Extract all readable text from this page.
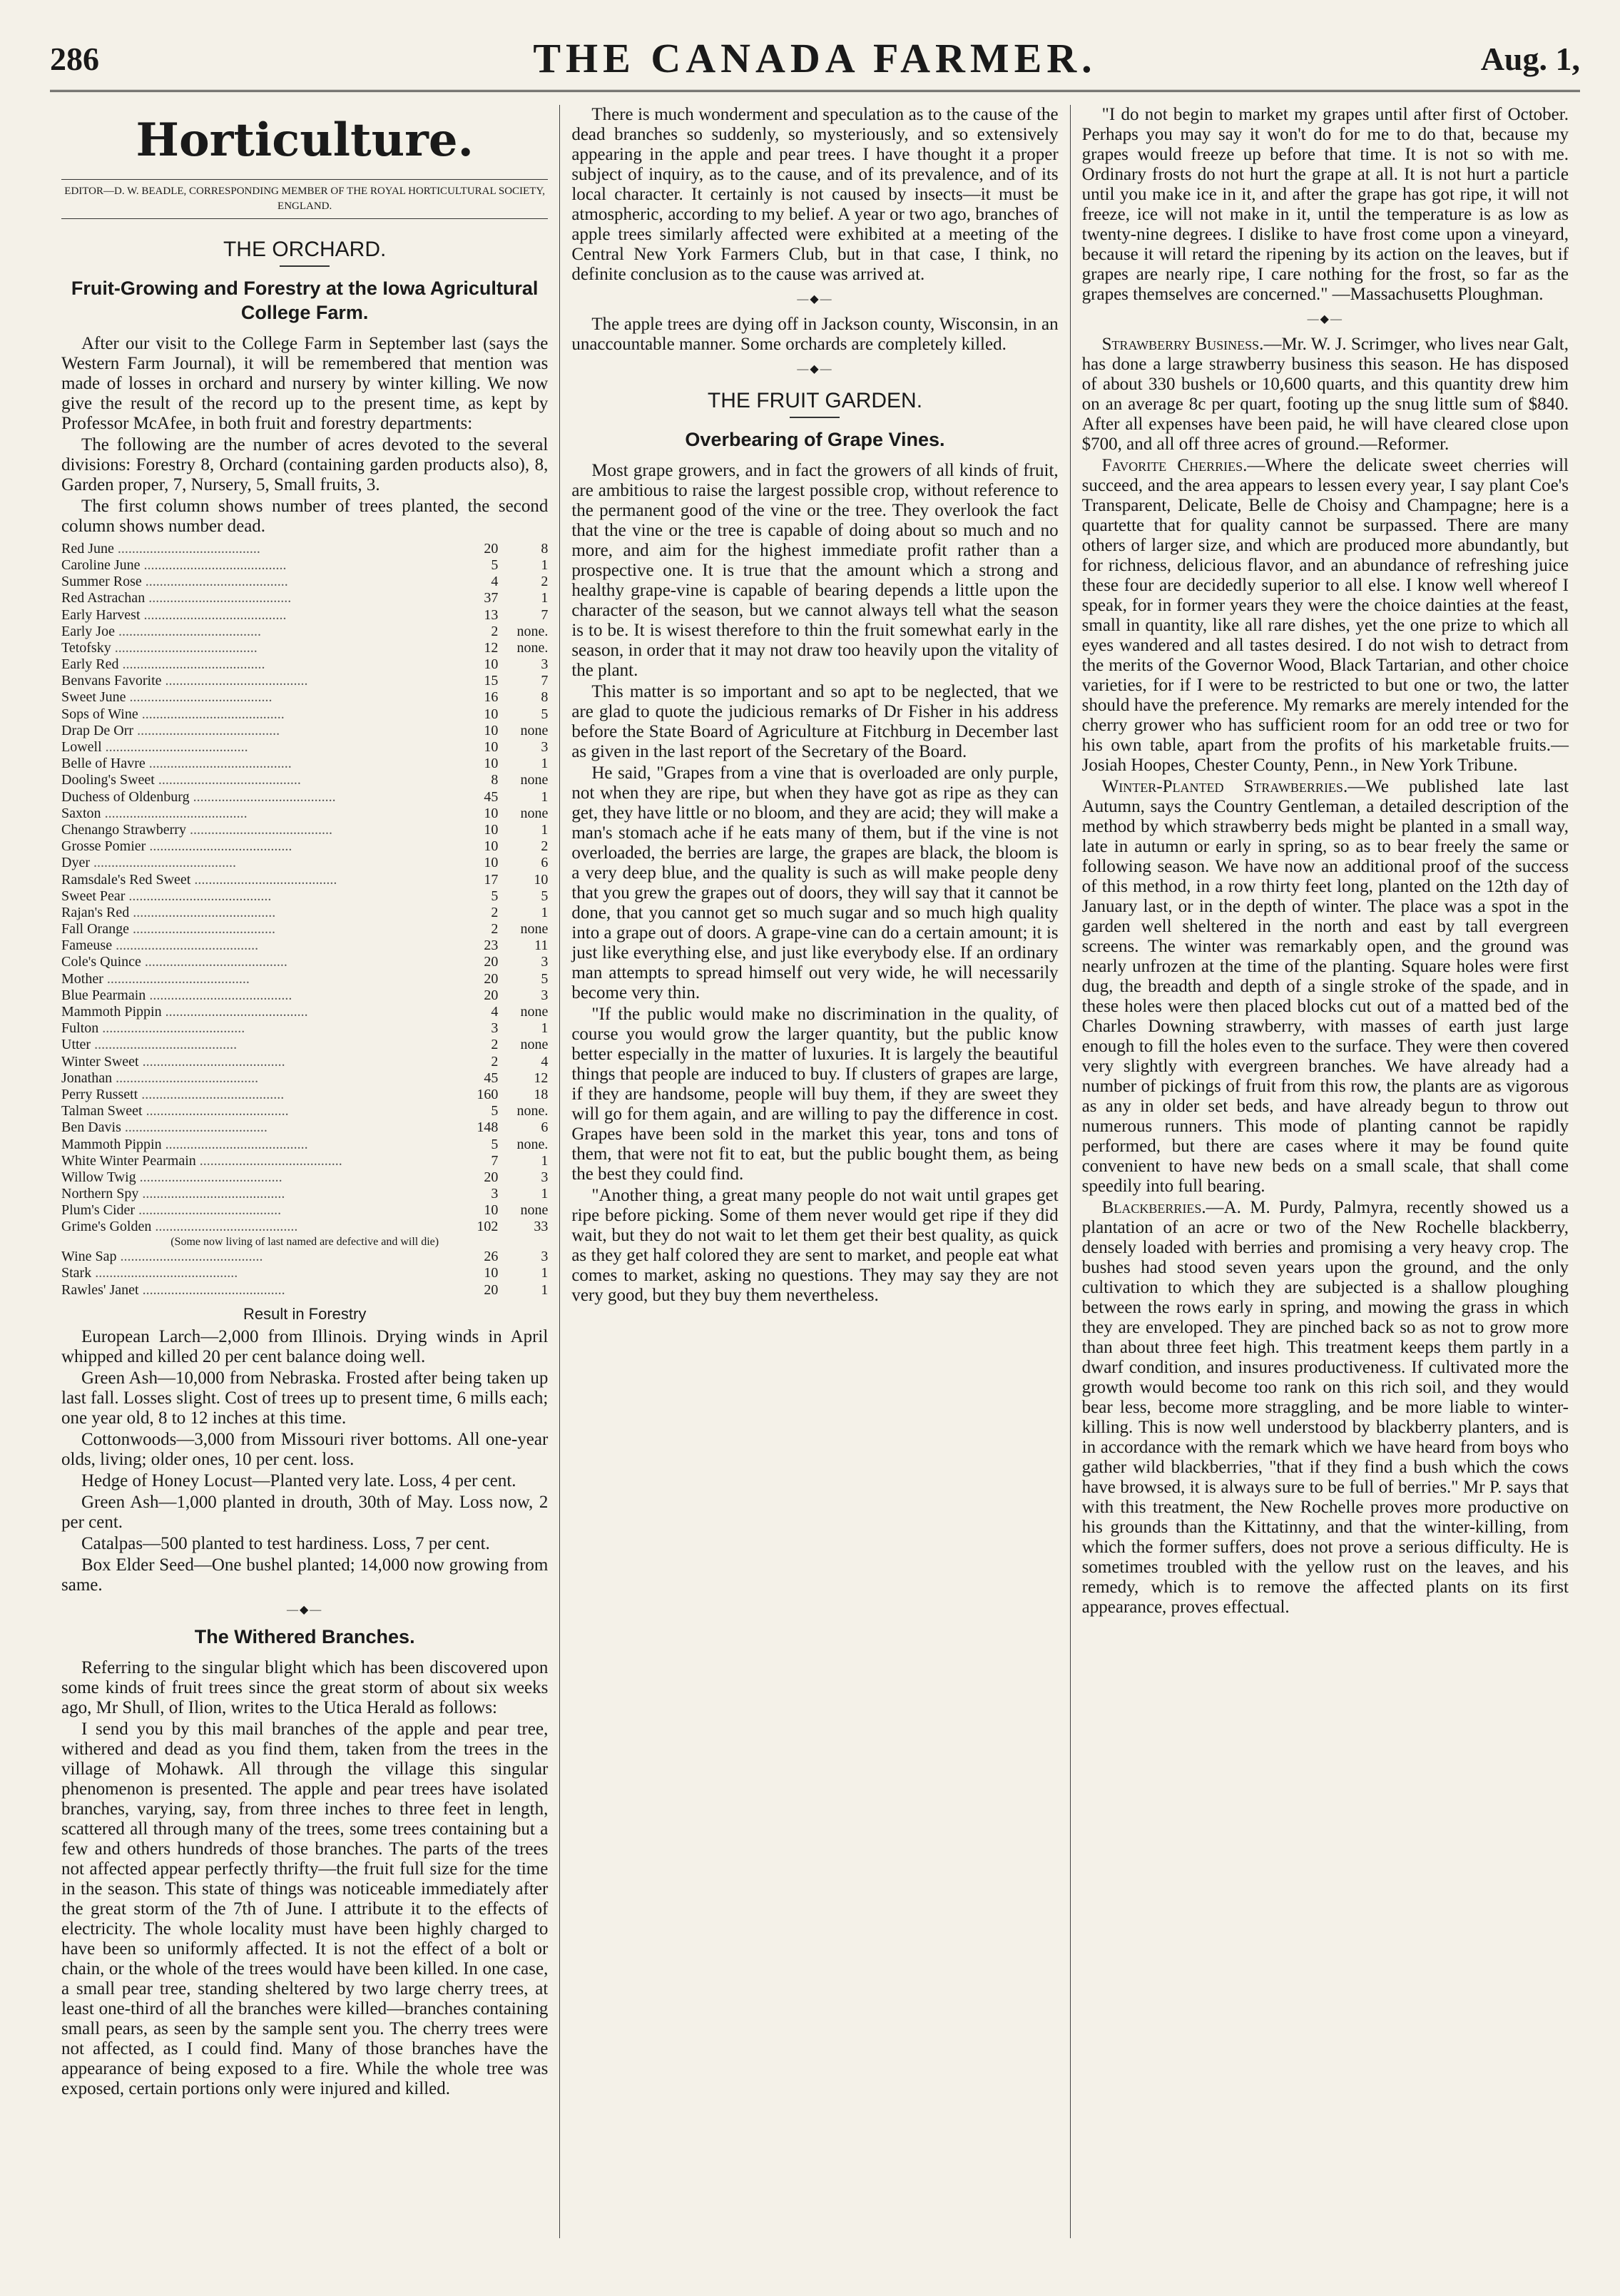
286	THE CANADA FARMER.	Aug. 1,
Horticulture.
EDITOR—D. W. BEADLE, CORRESPONDING MEMBER OF THE ROYAL HORTICULTURAL SOCIETY, ENGLAND.
THE ORCHARD.
Fruit-Growing and Forestry at the Iowa Agricultural College Farm.

After our visit to the College Farm in September last (says the Western Farm Journal), it will be remembered that mention was made of losses in orchard and nursery by winter killing. We now give the result of the record up to the present time, as kept by Professor McAfee, in both fruit and forestry departments:

The following are the number of acres devoted to the several divisions: Forestry 8, Orchard (containing garden products also), 8, Garden proper, 7, Nursery, 5, Small fruits, 3.

The first column shows number of trees planted, the second column shows number dead.

Red June ........................................	20	8
Caroline June ........................................	5	1
Summer Rose ........................................	4	2
Red Astrachan ........................................	37	1
Early Harvest ........................................	13	7
Early Joe ........................................	2	none.
Tetofsky ........................................	12	none.
Early Red ........................................	10	3
Benvans Favorite ........................................	15	7
Sweet June ........................................	16	8
Sops of Wine ........................................	10	5
Drap De Orr ........................................	10	none
Lowell ........................................	10	3
Belle of Havre ........................................	10	1
Dooling's Sweet ........................................	8	none
Duchess of Oldenburg ........................................	45	1
Saxton ........................................	10	none
Chenango Strawberry ........................................	10	1
Grosse Pomier ........................................	10	2
Dyer ........................................	10	6
Ramsdale's Red Sweet ........................................	17	10
Sweet Pear ........................................	5	5
Rajan's Red ........................................	2	1
Fall Orange ........................................	2	none
Fameuse ........................................	23	11
Cole's Quince ........................................	20	3
Mother ........................................	20	5
Blue Pearmain ........................................	20	3
Mammoth Pippin ........................................	4	none
Fulton ........................................	3	1
Utter ........................................	2	none
Winter Sweet ........................................	2	4
Jonathan ........................................	45	12
Perry Russett ........................................	160	18
Talman Sweet ........................................	5	none.
Ben Davis ........................................	148	6
Mammoth Pippin ........................................	5	none.
White Winter Pearmain ........................................	7	1
Willow Twig ........................................	20	3
Northern Spy ........................................	3	1
Plum's Cider ........................................	10	none
Grime's Golden ........................................	102	33
(Some now living of last named are defective and will die)		
Wine Sap ........................................	26	3
Stark ........................................	10	1
Rawles' Janet ........................................	20	1
Result in Forestry

European Larch—2,000 from Illinois. Drying winds in April whipped and killed 20 per cent balance doing well.

Green Ash—10,000 from Nebraska. Frosted after being taken up last fall. Losses slight. Cost of trees up to present time, 6 mills each; one year old, 8 to 12 inches at this time.

Cottonwoods—3,000 from Missouri river bottoms. All one-year olds, living; older ones, 10 per cent. loss.

Hedge of Honey Locust—Planted very late. Loss, 4 per cent.

Green Ash—1,000 planted in drouth, 30th of May. Loss now, 2 per cent.

Catalpas—500 planted to test hardiness. Loss, 7 per cent.

Box Elder Seed—One bushel planted; 14,000 now growing from same.

—◆—
The Withered Branches.

Referring to the singular blight which has been discovered upon some kinds of fruit trees since the great storm of about six weeks ago, Mr Shull, of Ilion, writes to the Utica Herald as follows:

I send you by this mail branches of the apple and pear tree, withered and dead as you find them, taken from the trees in the village of Mohawk. All through the village this singular phenomenon is presented. The apple and pear trees have isolated branches, varying, say, from three inches to three feet in length, scattered all through many of the trees, some trees containing but a few and others hundreds of those branches. The parts of the trees not affected appear perfectly thrifty—the fruit full size for the time in the season. This state of things was noticeable immediately after the great storm of the 7th of June. I attribute it to the effects of electricity. The whole locality must have been highly charged to have been so uniformly affected. It is not the effect of a bolt or chain, or the whole of the trees would have been killed. In one case, a small pear tree, standing sheltered by two large cherry trees, at least one-third of all the branches were killed—branches containing small pears, as seen by the sample sent you. The cherry trees were not affected, as I could find. Many of those branches have the appearance of being exposed to a fire. While the whole tree was exposed, certain portions only were injured and killed.

There is much wonderment and speculation as to the cause of the dead branches so suddenly, so mysteriously, and so extensively appearing in the apple and pear trees. I have thought it a proper subject of inquiry, as to the cause, and of its prevalence, and of its local character. It certainly is not caused by insects—it must be atmospheric, according to my belief. A year or two ago, branches of apple trees similarly affected were exhibited at a meeting of the Central New York Farmers Club, but in that case, I think, no definite conclusion as to the cause was arrived at.

—◆—

The apple trees are dying off in Jackson county, Wisconsin, in an unaccountable manner. Some orchards are completely killed.

—◆—
THE FRUIT GARDEN.
Overbearing of Grape Vines.

Most grape growers, and in fact the growers of all kinds of fruit, are ambitious to raise the largest possible crop, without reference to the permanent good of the vine or the tree. They overlook the fact that the vine or the tree is capable of doing about so much and no more, and aim for the highest immediate profit rather than a prospective one. It is true that the amount which a strong and healthy grape-vine is capable of bearing depends a little upon the character of the season, but we cannot always tell what the season is to be. It is wisest therefore to thin the fruit somewhat early in the season, in order that it may not draw too heavily upon the vitality of the plant.

This matter is so important and so apt to be neglected, that we are glad to quote the judicious remarks of Dr Fisher in his address before the State Board of Agriculture at Fitchburg in December last as given in the last report of the Secretary of the Board.

He said, "Grapes from a vine that is overloaded are only purple, not when they are ripe, but when they have got as ripe as they can get, they have little or no bloom, and they are acid; they will make a man's stomach ache if he eats many of them, but if the vine is not overloaded, the berries are large, the grapes are black, the bloom is a very deep blue, and the quality is such as will make people deny that you grew the grapes out of doors, they will say that it cannot be done, that you cannot get so much sugar and so much high quality into a grape out of doors. A grape-vine can do a certain amount; it is just like everything else, and just like everybody else. If an ordinary man attempts to spread himself out very wide, he will necessarily become very thin.

"If the public would make no discrimination in the quality, of course you would grow the larger quantity, but the public know better especially in the matter of luxuries. It is largely the beautiful things that people are induced to buy. If clusters of grapes are large, if they are handsome, people will buy them, if they are sweet they will go for them again, and are willing to pay the difference in cost. Grapes have been sold in the market this year, tons and tons of them, that were not fit to eat, but the public bought them, as being the best they could find.

"Another thing, a great many people do not wait until grapes get ripe before picking. Some of them never would get ripe if they did wait, but they do not wait to let them get their best quality, as quick as they get half colored they are sent to market, and people eat what comes to market, asking no questions. They may say they are not very good, but they buy them nevertheless.

"I do not begin to market my grapes until after first of October. Perhaps you may say it won't do for me to do that, because my grapes would freeze up before that time. It is not so with me. Ordinary frosts do not hurt the grape at all. It is not hurt a particle until you make ice in it, and after the grape has got ripe, it will not freeze, ice will not make in it, until the temperature is as low as twenty-nine degrees. I dislike to have frost come upon a vineyard, because it will retard the ripening by its action on the leaves, but if grapes are nearly ripe, I care nothing for the frost, so far as the grapes themselves are concerned." —Massachusetts Ploughman.

—◆—

Strawberry Business.—Mr. W. J. Scrimger, who lives near Galt, has done a large strawberry business this season. He has disposed of about 330 bushels or 10,600 quarts, and this quantity drew him on an average 8c per quart, footing up the snug little sum of $840. After all expenses have been paid, he will have cleared close upon $700, and all off three acres of ground.—Reformer.

Favorite Cherries.—Where the delicate sweet cherries will succeed, and the area appears to lessen every year, I say plant Coe's Transparent, Delicate, Belle de Choisy and Champagne; here is a quartette that for quality cannot be surpassed. There are many others of larger size, and which are produced more abundantly, but for richness, delicious flavor, and an abundance of refreshing juice these four are decidedly superior to all else. I know well whereof I speak, for in former years they were the choice dainties at the feast, small in quantity, like all rare dishes, yet the one prize to which all eyes wandered and all tastes desired. I do not wish to detract from the merits of the Governor Wood, Black Tartarian, and other choice varieties, for if I were to be restricted to but one or two, the latter should have the preference. My remarks are merely intended for the cherry grower who has sufficient room for an odd tree or two for his own table, apart from the profits of his marketable fruits.—Josiah Hoopes, Chester County, Penn., in New York Tribune.

Winter-Planted Strawberries.—We published late last Autumn, says the Country Gentleman, a detailed description of the method by which strawberry beds might be planted in a small way, late in autumn or early in spring, so as to bear freely the same or following season. We have now an additional proof of the success of this method, in a row thirty feet long, planted on the 12th day of January last, or in the depth of winter. The place was a spot in the garden well sheltered in the north and east by tall evergreen screens. The winter was remarkably open, and the ground was nearly unfrozen at the time of the planting. Square holes were first dug, the breadth and depth of a single stroke of the spade, and in these holes were then placed blocks cut out of a matted bed of the Charles Downing strawberry, with masses of earth just large enough to fill the holes even to the surface. They were then covered very slightly with evergreen branches. We have already had a number of pickings of fruit from this row, the plants are as vigorous as any in older set beds, and have already begun to throw out numerous runners. This mode of planting cannot be rapidly performed, but there are cases where it may be found quite convenient to have new beds on a small scale, that shall come speedily into full bearing.

Blackberries.—A. M. Purdy, Palmyra, recently showed us a plantation of an acre or two of the New Rochelle blackberry, densely loaded with berries and promising a very heavy crop. The bushes had stood seven years upon the ground, and the only cultivation to which they are subjected is a shallow ploughing between the rows early in spring, and mowing the grass in which they are enveloped. They are pinched back so as not to grow more than about three feet high. This treatment keeps them partly in a dwarf condition, and insures productiveness. If cultivated more the growth would become too rank on this rich soil, and they would bear less, become more straggling, and be more liable to winter-killing. This is now well understood by blackberry planters, and is in accordance with the remark which we have heard from boys who gather wild blackberries, "that if they find a bush which the cows have browsed, it is always sure to be full of berries." Mr P. says that with this treatment, the New Rochelle proves more productive on his grounds than the Kittatinny, and that the winter-killing, from which the former suffers, does not prove a serious difficulty. He is sometimes troubled with the yellow rust on the leaves, and his remedy, which is to remove the affected plants on its first appearance, proves effectual.
